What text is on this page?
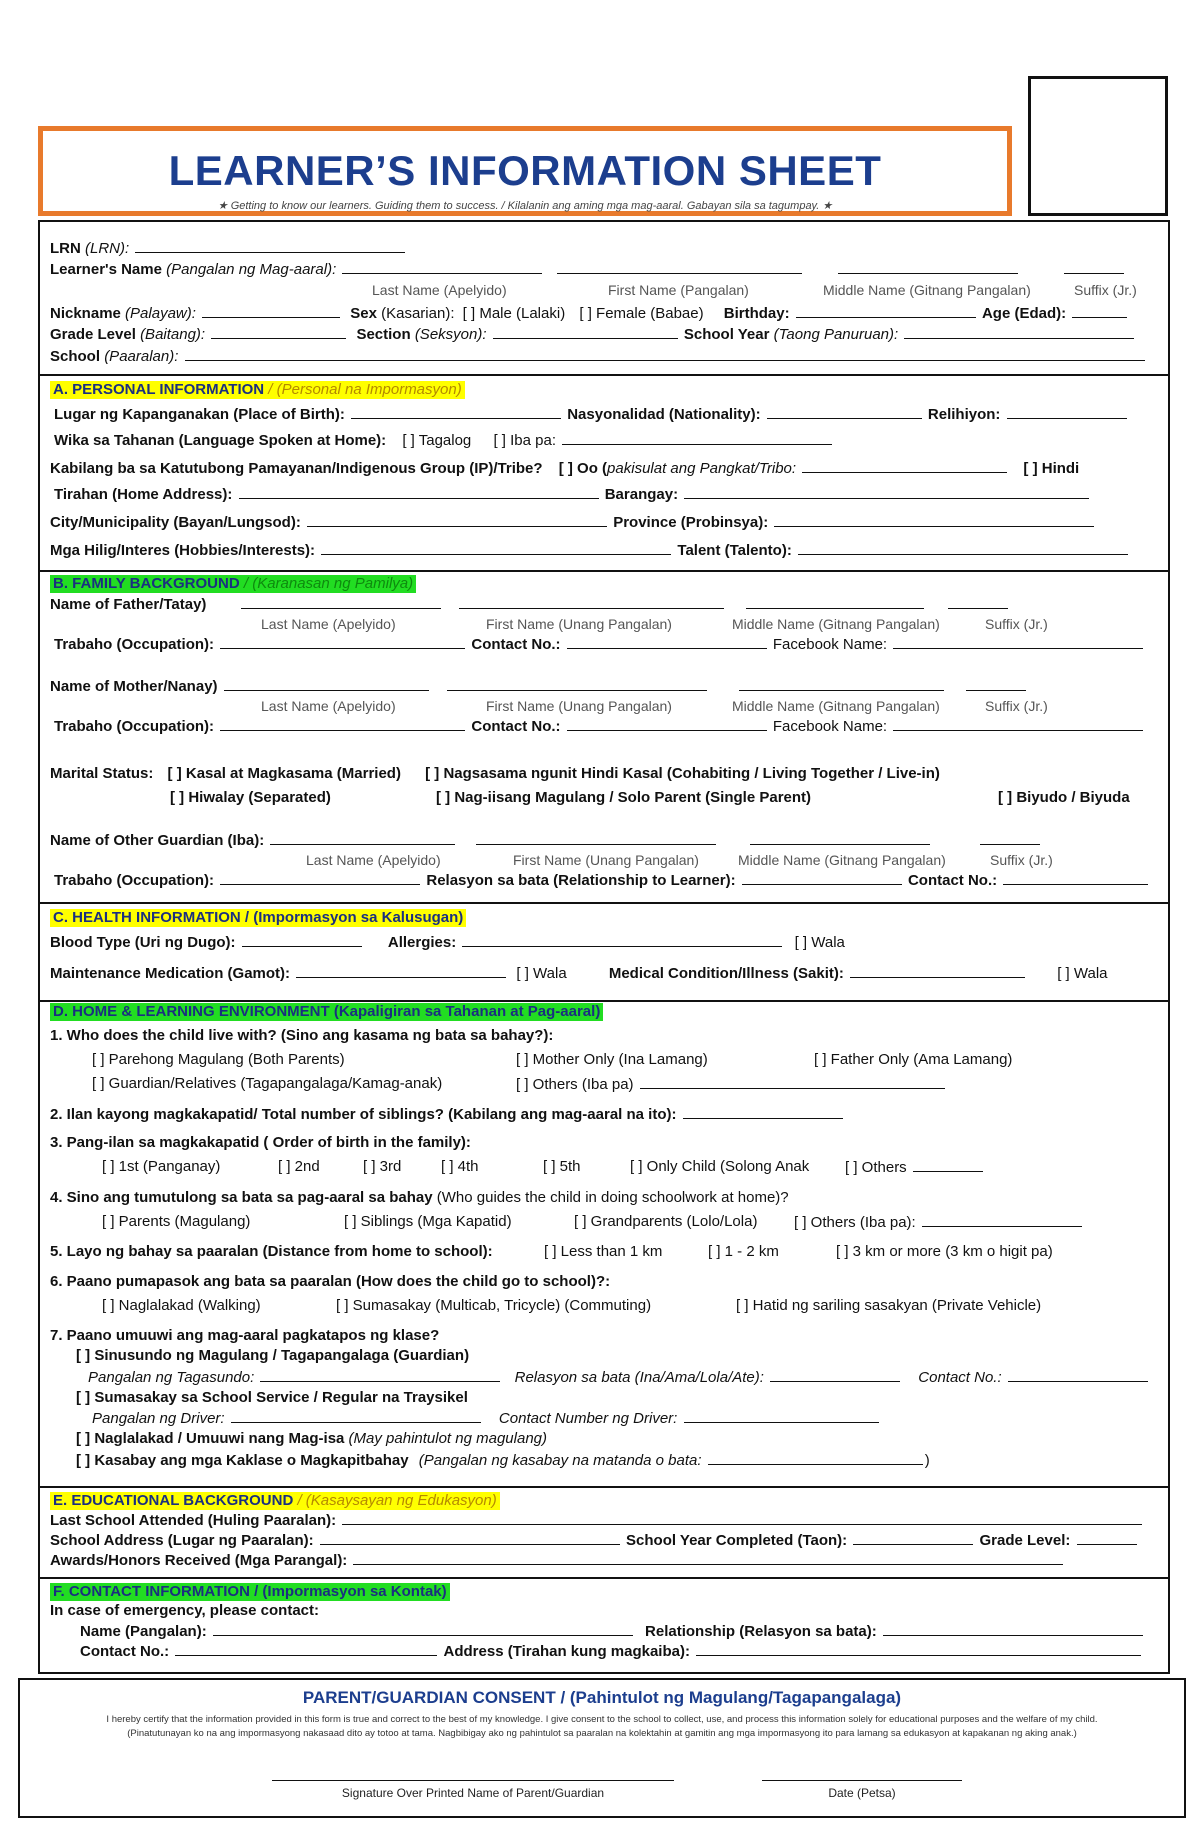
LEARNER’S INFORMATION SHEET
★ Getting to know our learners. Guiding them to success. / Kilalanin ang aming mga mag-aaral. Gabayan sila sa tagumpay. ★
LRN (LRN):
Learner's Name (Pangalan ng Mag-aaral):
Last Name (Apelyido)	First Name (Pangalan)	Middle Name (Gitnang Pangalan)	Suffix (Jr.)
Nickname (Palayaw):	Sex (Kasarian): [ ] Male (Lalaki) [ ] Female (Babae) Birthday:	Age (Edad):
Grade Level (Baitang):	Section (Seksyon):	School Year (Taong Panuruan):
School (Paaralan):
A. PERSONAL INFORMATION / (Personal na Impormasyon)
Lugar ng Kapanganakan (Place of Birth):	Nasyonalidad (Nationality):	Relihiyon:
Wika sa Tahanan (Language Spoken at Home): [ ] Tagalog [ ] Iba pa:
Kabilang ba sa Katutubong Pamayanan/Indigenous Group (IP)/Tribe? [ ] Oo (pakisulat ang Pangkat/Tribo:	[ ] Hindi
Tirahan (Home Address):	Barangay:
City/Municipality (Bayan/Lungsod):	Province (Probinsya):
Mga Hilig/Interes (Hobbies/Interests):	Talent (Talento):
B. FAMILY BACKGROUND / (Karanasan ng Pamilya)
Name of Father/Tatay)
Last Name (Apelyido)	First Name (Unang Pangalan)	Middle Name (Gitnang Pangalan)	Suffix (Jr.)
Trabaho (Occupation):	Contact No.:	Facebook Name:
Name of Mother/Nanay)
Last Name (Apelyido)	First Name (Unang Pangalan)	Middle Name (Gitnang Pangalan)	Suffix (Jr.)
Trabaho (Occupation):	Contact No.:	Facebook Name:
Marital Status: [ ] Kasal at Magkasama (Married) [ ] Nagsasama ngunit Hindi Kasal (Cohabiting / Living Together / Live-in)
[ ] Hiwalay (Separated)	[ ] Nag-iisang Magulang / Solo Parent (Single Parent)	[ ] Biyudo / Biyuda
Name of Other Guardian (Iba):
Last Name (Apelyido)	First Name (Unang Pangalan)	Middle Name (Gitnang Pangalan)	Suffix (Jr.)
Trabaho (Occupation):	Relasyon sa bata (Relationship to Learner):	Contact No.:
C. HEALTH INFORMATION / (Impormasyon sa Kalusugan)
Blood Type (Uri ng Dugo):	Allergies:	[ ] Wala
Maintenance Medication (Gamot):	[ ] Wala	Medical Condition/Illness (Sakit):	[ ] Wala
D. HOME & LEARNING ENVIRONMENT (Kapaligiran sa Tahanan at Pag-aaral)
1. Who does the child live with? (Sino ang kasama ng bata sa bahay?):
[ ] Parehong Magulang (Both Parents)	[ ] Mother Only (Ina Lamang)	[ ] Father Only (Ama Lamang)
[ ] Guardian/Relatives (Tagapangalaga/Kamag-anak)	[ ] Others (Iba pa)
2. Ilan kayong magkakapatid/ Total number of siblings? (Kabilang ang mag-aaral na ito):
3. Pang-ilan sa magkakapatid ( Order of birth in the family):
[ ] 1st (Panganay)	[ ] 2nd	[ ] 3rd	[ ] 4th	[ ] 5th	[ ] Only Child (Solong Anak [ ] Others
4. Sino ang tumutulong sa bata sa pag-aaral sa bahay (Who guides the child in doing schoolwork at home)?
[ ] Parents (Magulang)	[ ] Siblings (Mga Kapatid)	[ ] Grandparents (Lolo/Lola) [ ] Others (Iba pa):
5. Layo ng bahay sa paaralan (Distance from home to school):	[ ] Less than 1 km	[ ] 1 - 2 km	[ ] 3 km or more (3 km o higit pa)
6. Paano pumapasok ang bata sa paaralan (How does the child go to school)?:
[ ] Naglalakad (Walking)	[ ] Sumasakay (Multicab, Tricycle) (Commuting)	[ ] Hatid ng sariling sasakyan (Private Vehicle)
7. Paano umuuwi ang mag-aaral pagkatapos ng klase?
[ ] Sinusundo ng Magulang / Tagapangalaga (Guardian)
Pangalan ng Tagasundo:	Relasyon sa bata (Ina/Ama/Lola/Ate):	Contact No.:
[ ] Sumasakay sa School Service / Regular na Traysikel
Pangalan ng Driver:	Contact Number ng Driver:
[ ] Naglalakad / Umuuwi nang Mag-isa (May pahintulot ng magulang)
[ ] Kasabay ang mga Kaklase o Magkapitbahay (Pangalan ng kasabay na matanda o bata:	)
E. EDUCATIONAL BACKGROUND / (Kasaysayan ng Edukasyon)
Last School Attended (Huling Paaralan):
School Address (Lugar ng Paaralan):	School Year Completed (Taon):	Grade Level:
Awards/Honors Received (Mga Parangal):
F. CONTACT INFORMATION / (Impormasyon sa Kontak)
In case of emergency, please contact:
Name (Pangalan):	Relationship (Relasyon sa bata):
Contact No.:	Address (Tirahan kung magkaiba):
PARENT/GUARDIAN CONSENT / (Pahintulot ng Magulang/Tagapangalaga)
I hereby certify that the information provided in this form is true and correct to the best of my knowledge. I give consent to the school to collect, use, and process this information solely for educational purposes and the welfare of my child.
(Pinatutunayan ko na ang impormasyong nakasaad dito ay totoo at tama. Nagbibigay ako ng pahintulot sa paaralan na kolektahin at gamitin ang mga impormasyong ito para lamang sa edukasyon at kapakanan ng aking anak.)
Signature Over Printed Name of Parent/Guardian	Date (Petsa)
